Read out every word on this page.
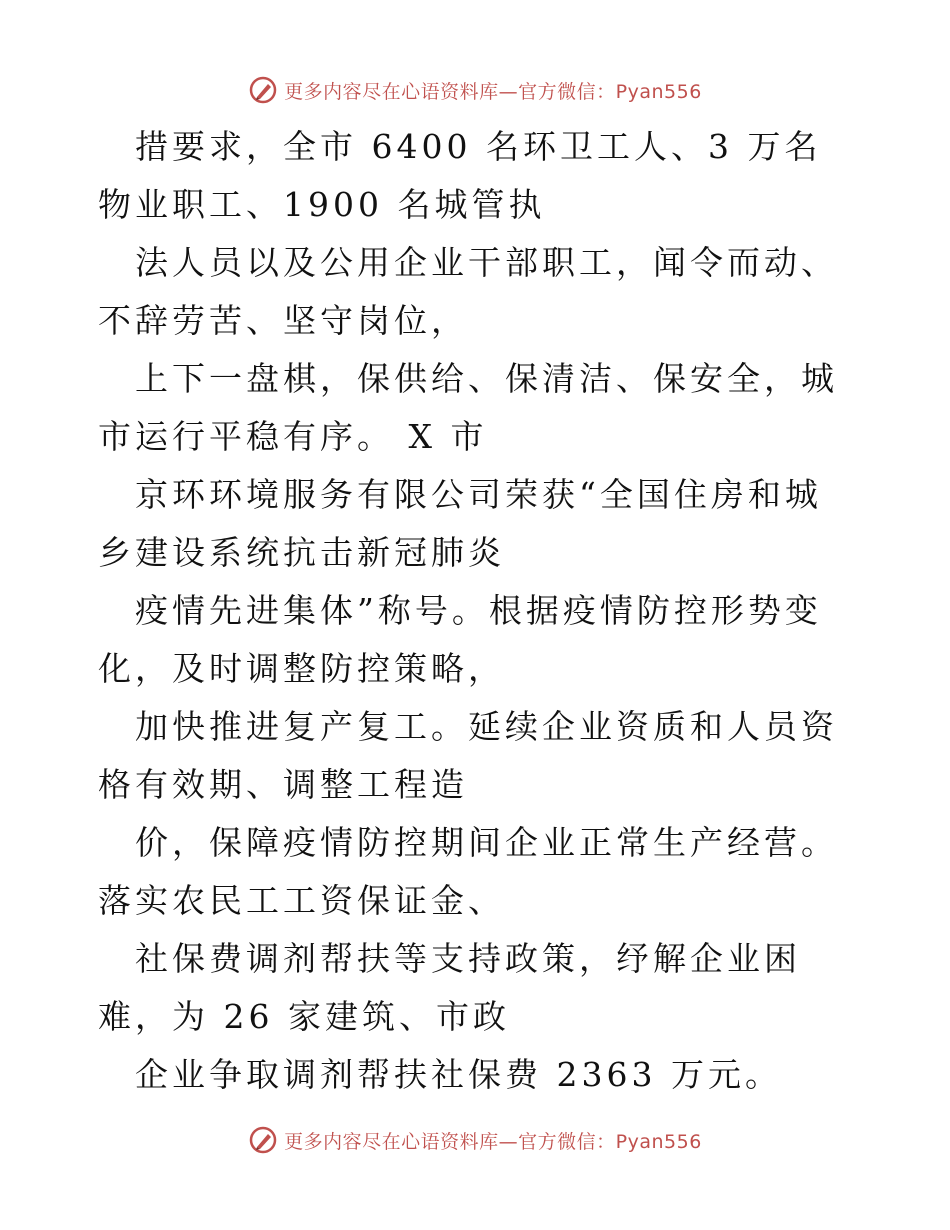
更多内容尽在心语资料库—官方微信：Pyan556

措要求，全市 6400 名环卫工人、3 万名物业职工、1900 名城管执

法人员以及公用企业干部职工，闻令而动、不辞劳苦、坚守岗位，

上下一盘棋，保供给、保清洁、保安全，城市运行平稳有序。 X 市

京环环境服务有限公司荣获“全国住房和城乡建设系统抗击新冠肺炎

疫情先进集体”称号。根据疫情防控形势变化，及时调整防控策略，

加快推进复产复工。延续企业资质和人员资格有效期、调整工程造

价，保障疫情防控期间企业正常生产经营。落实农民工工资保证金、

社保费调剂帮扶等支持政策，纾解企业困难，为 26 家建筑、市政

企业争取调剂帮扶社保费 2363 万元。

更多内容尽在心语资料库—官方微信：Pyan556
